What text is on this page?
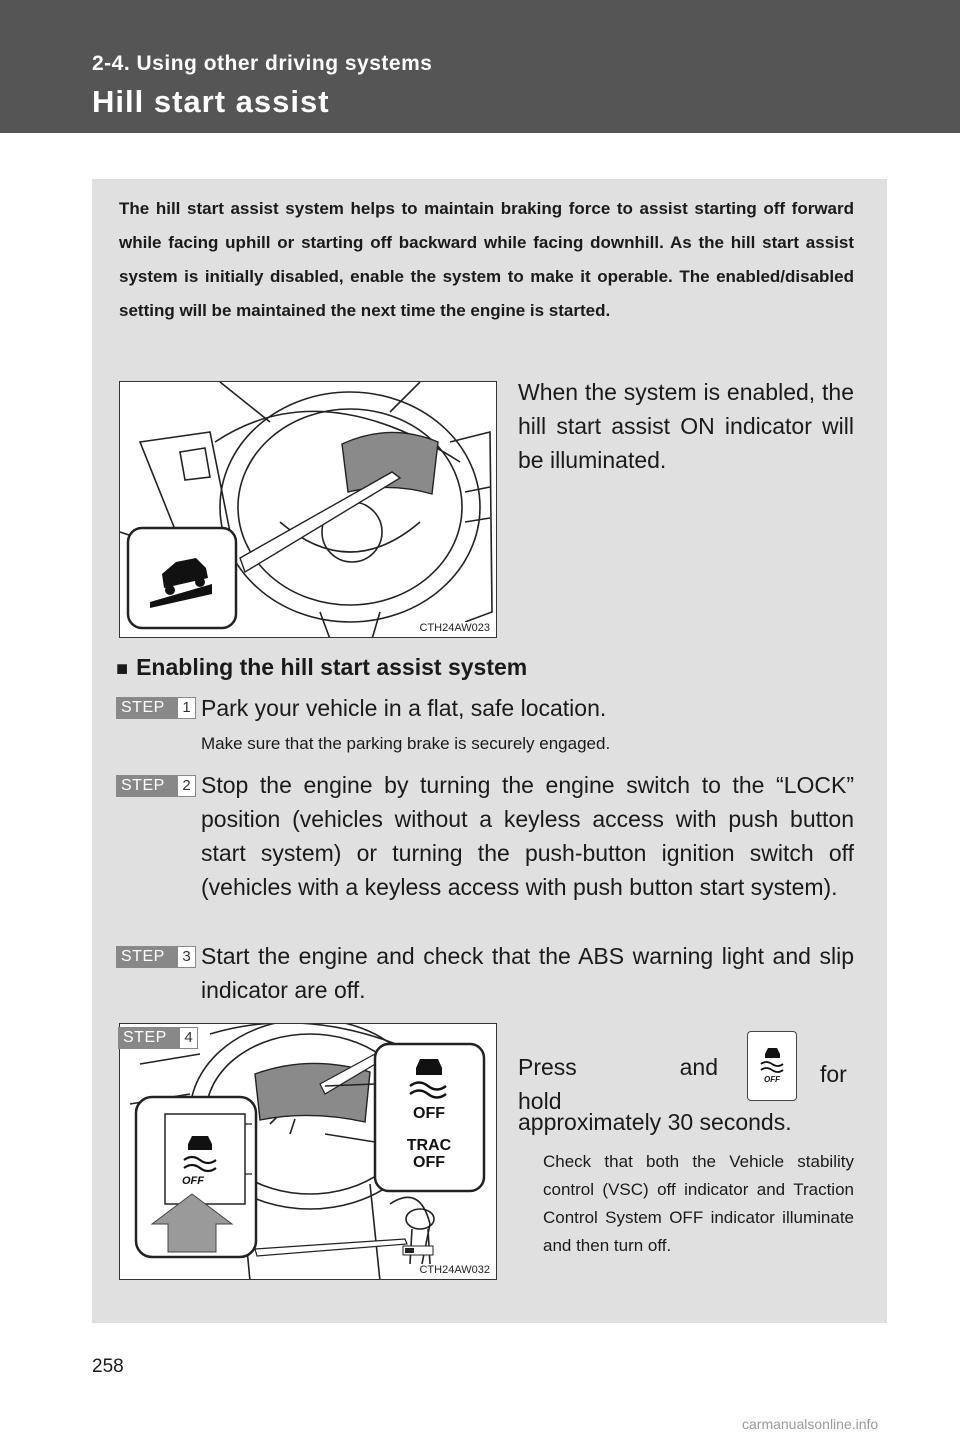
2-4. Using other driving systems
Hill start assist

The hill start assist system helps to maintain braking force to assist starting off forward while facing uphill or starting off backward while facing downhill. As the hill start assist system is initially disabled, enable the system to make it operable. The enabled/disabled setting will be maintained the next time the engine is started.

CTH24AW023

When the system is enabled, the hill start assist ON indicator will be illuminated.

■ Enabling the hill start assist system
STEP	1 Park your vehicle in a flat, safe location.

Make sure that the parking brake is securely engaged.

STEP	2 Stop the engine by turning the engine switch to the “LOCK” position (vehicles without a keyless access with push button start system) or turning the push-button ignition switch off (vehicles with a keyless access with push button start system).

STEP	3 Start the engine and check that the ABS warning light and slip indicator are off.

OFF
OFF
TRAC
OFF
CTH24AW032
STEP	4
Press and hold
OFF	for approximately 30 seconds.

Check that both the Vehicle stability control (VSC) off indicator and Traction Control System OFF indicator illuminate and then turn off.

258
carmanualsonline.info
